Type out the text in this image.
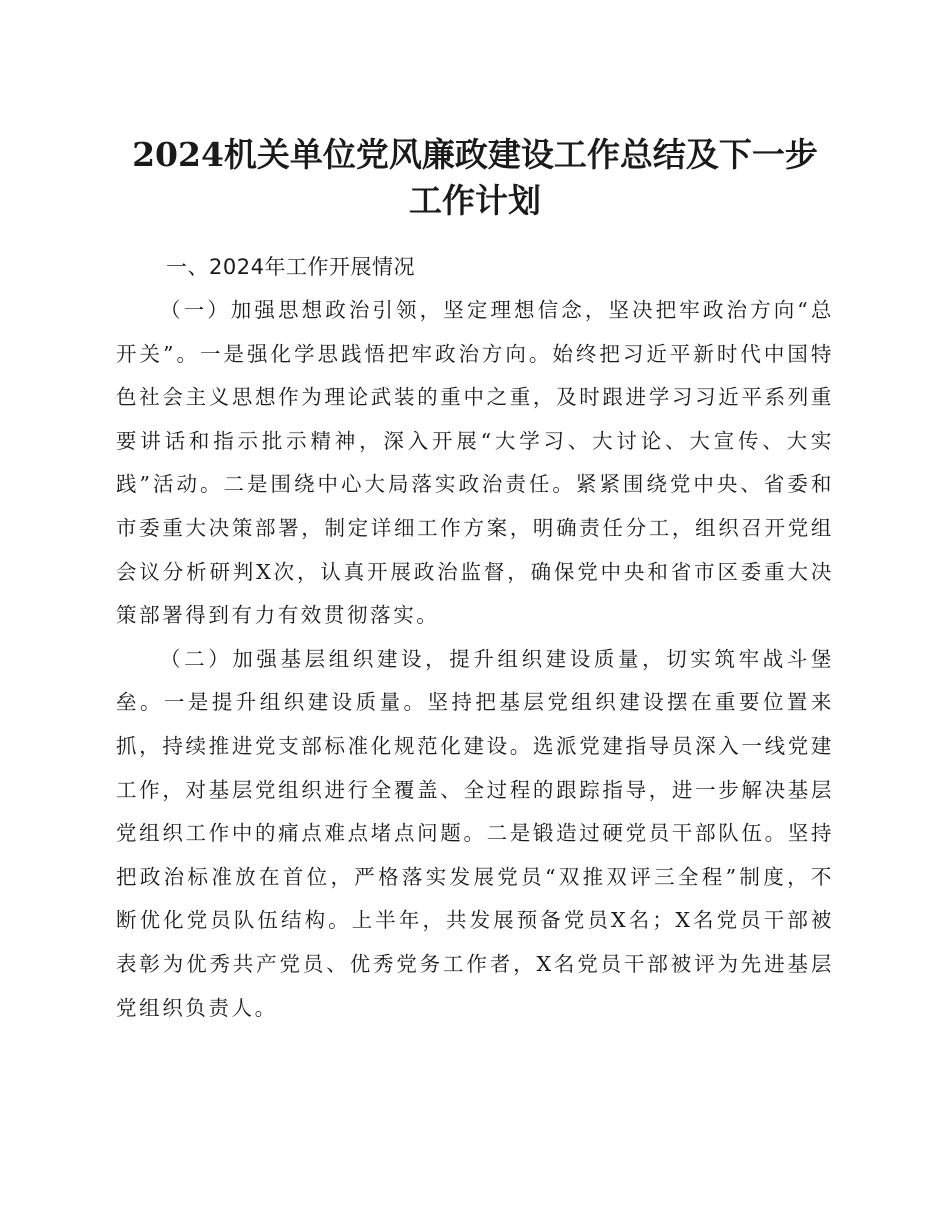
2024机关单位党风廉政建设工作总结及下一步
工作计划

一、2024年工作开展情况

（一）加强思想政治引领，坚定理想信念，坚决把牢政治方向“总开关”。一是强化学思践悟把牢政治方向。始终把习近平新时代中国特色社会主义思想作为理论武装的重中之重，及时跟进学习习近平系列重要讲话和指示批示精神，深入开展“大学习、大讨论、大宣传、大实践”活动。二是围绕中心大局落实政治责任。紧紧围绕党中央、省委和市委重大决策部署，制定详细工作方案，明确责任分工，组织召开党组会议分析研判X次，认真开展政治监督，确保党中央和省市区委重大决策部署得到有力有效贯彻落实。

（二）加强基层组织建设，提升组织建设质量，切实筑牢战斗堡垒。一是提升组织建设质量。坚持把基层党组织建设摆在重要位置来抓，持续推进党支部标准化规范化建设。选派党建指导员深入一线党建工作，对基层党组织进行全覆盖、全过程的跟踪指导，进一步解决基层党组织工作中的痛点难点堵点问题。二是锻造过硬党员干部队伍。坚持把政治标准放在首位，严格落实发展党员“双推双评三全程”制度，不断优化党员队伍结构。上半年，共发展预备党员X名；X名党员干部被表彰为优秀共产党员、优秀党务工作者，X名党员干部被评为先进基层党组织负责人。
